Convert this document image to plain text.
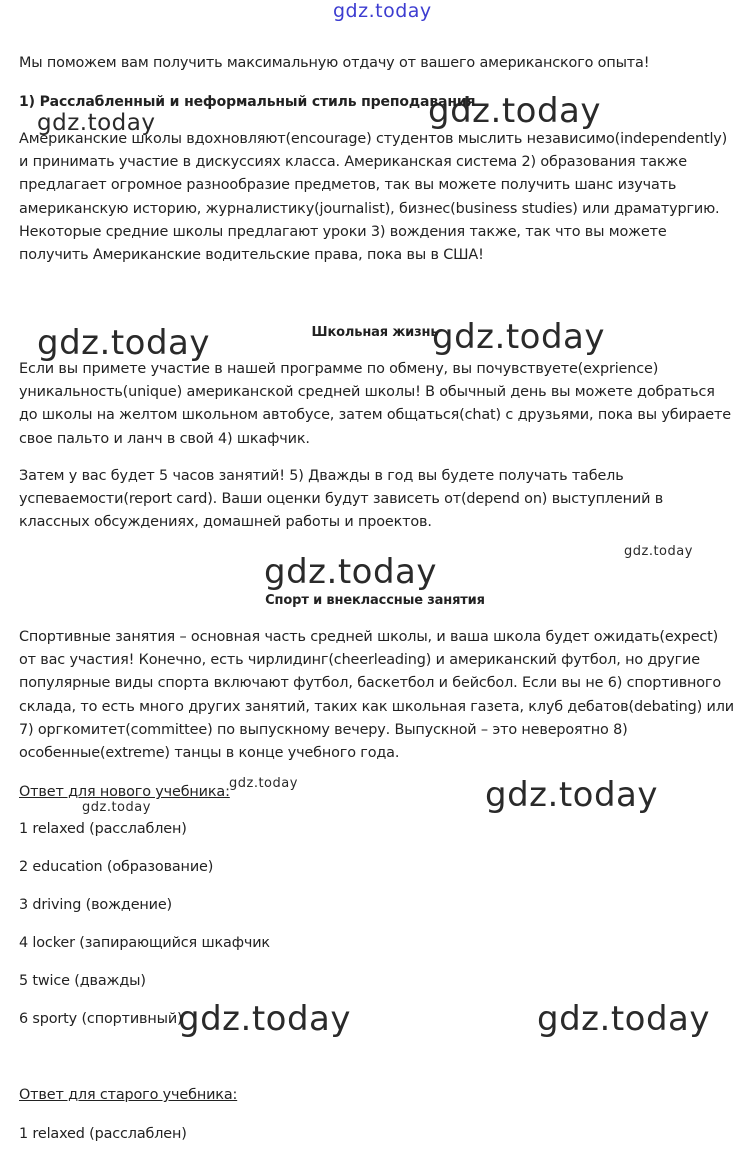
gdz.today
gdz.today	gdz.today
gdz.today	gdz.today
gdz.today
gdz.today
gdz.today
gdz.today	gdz.today
gdz.today	gdz.today

Мы поможем вам получить максимальную отдачу от вашего американского опыта!

1) Расслабленный и неформальный стиль преподавания

Американские школы вдохновляют(encourage) студентов мыслить независимо(independently) и принимать участие в дискуссиях класса. Американская система 2) образования также предлагает огромное разнообразие предметов, так вы можете получить шанс изучать американскую историю, журналистику(journalist), бизнес(business studies) или драматургию. Некоторые средние школы предлагают уроки 3) вождения также, так что вы можете получить Американские водительские права, пока вы в США!

Школьная жизнь

Если вы примете участие в нашей программе по обмену, вы почувствуете(exprience) уникальность(unique) американской средней школы! В обычный день вы можете добраться до школы на желтом школьном автобусе, затем общаться(chat) с друзьями, пока вы убираете свое пальто и ланч в свой 4) шкафчик.

Затем у вас будет 5 часов занятий! 5) Дважды в год вы будете получать табель успеваемости(report card). Ваши оценки будут зависеть от(depend on) выступлений в классных обсуждениях, домашней работы и проектов.

Спорт и внеклассные занятия

Спортивные занятия – основная часть средней школы, и ваша школа будет ожидать(expect) от вас участия! Конечно, есть чирлидинг(cheerleading) и американский футбол, но другие популярные виды спорта включают футбол, баскетбол и бейсбол. Если вы не 6) спортивного склада, то есть много других занятий, таких как школьная газета, клуб дебатов(debating) или 7) оргкомитет(committee) по выпускному вечеру. Выпускной – это невероятно 8) особенные(extreme) танцы в конце учебного года.

Ответ для нового учебника:

1 relaxed (расслаблен)

2 education (образование)

3 driving (вождение)

4 locker (запирающийся шкафчик

5 twice (дважды)

6 sporty (спортивный)

Ответ для старого учебника:

1 relaxed (расслаблен)
